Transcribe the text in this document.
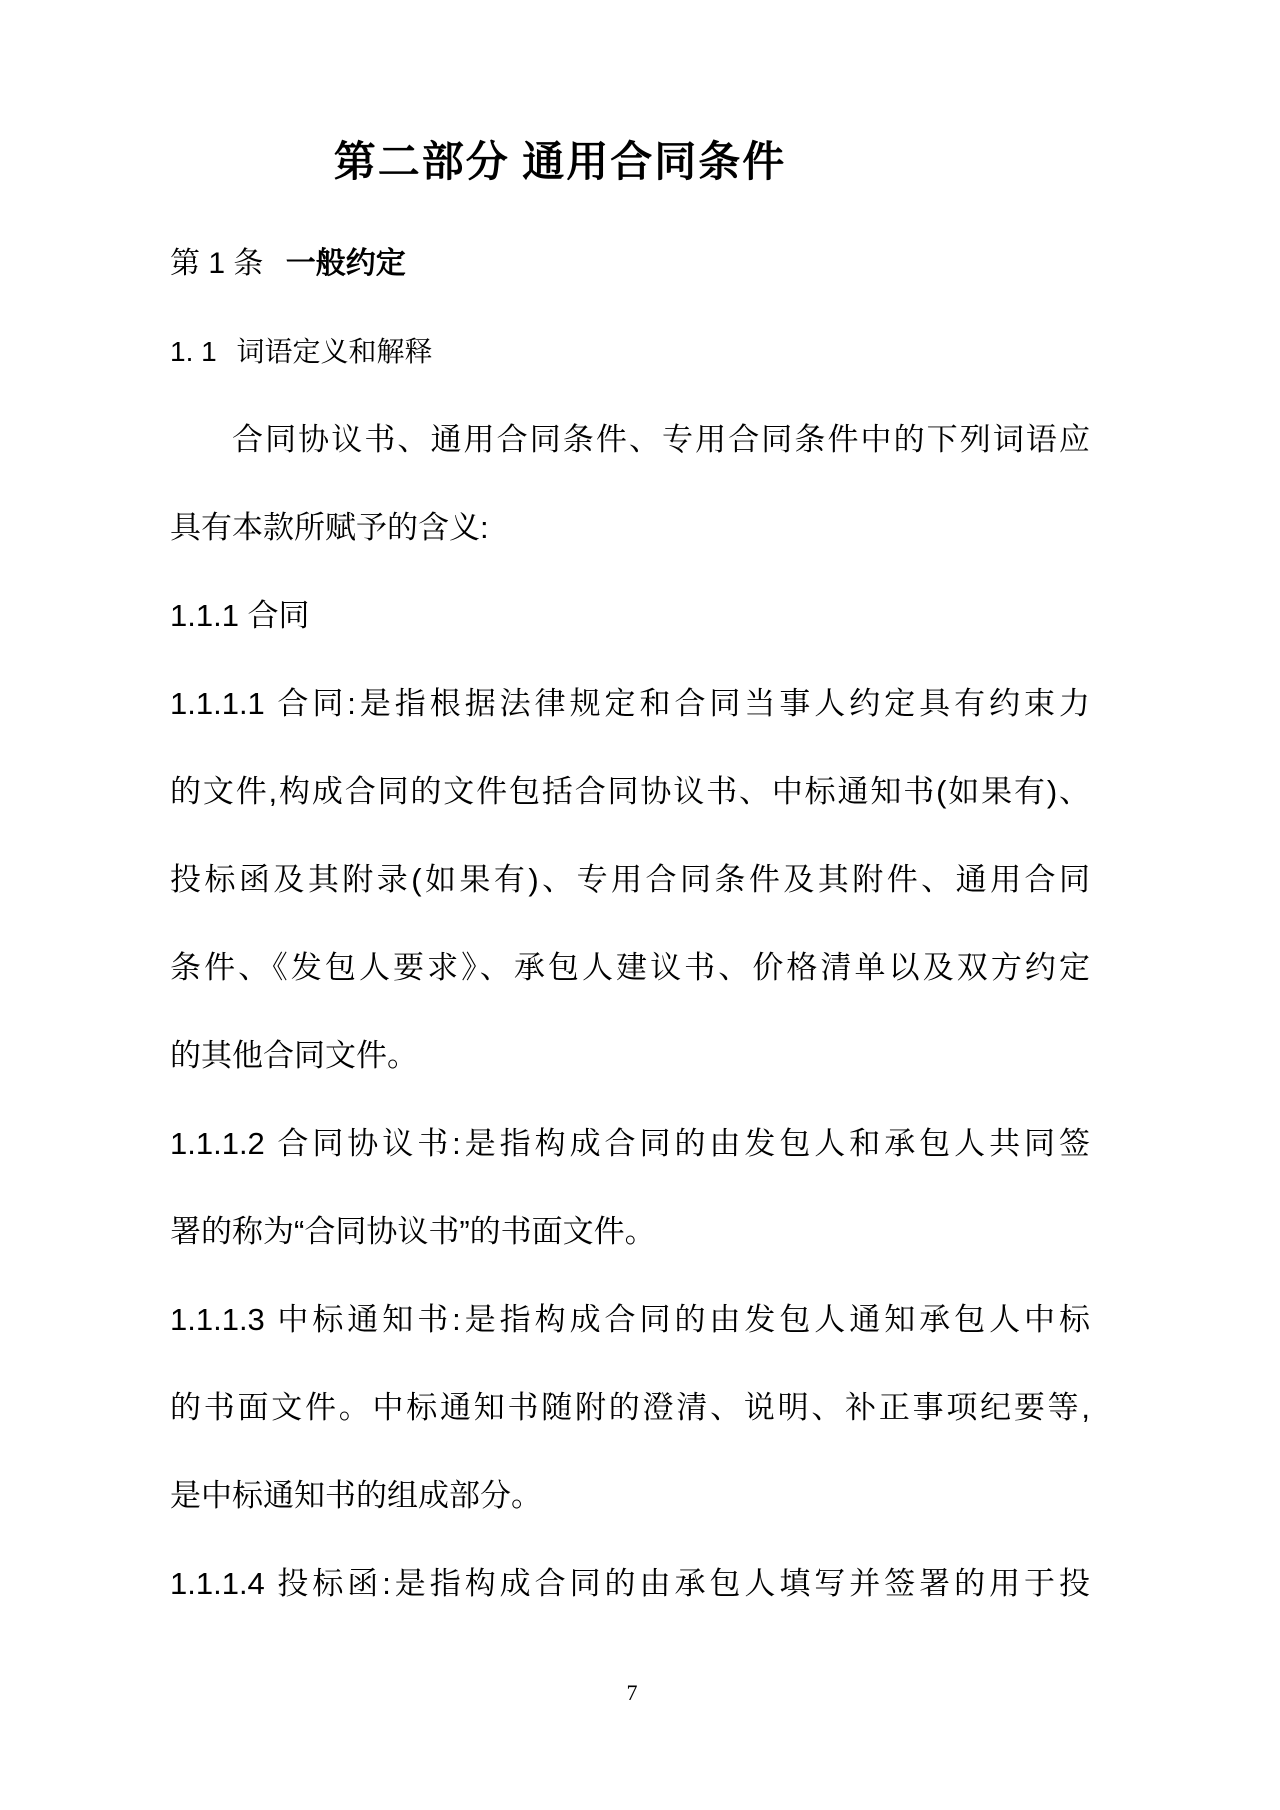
第二部分 通用合同条件
第 1 条 一般约定
1. 1 词语定义和解释
合同协议书、通用合同条件、专用合同条件中的下列词语应
具有本款所赋予的含义:
1.1.1 合同
1.1.1.1 合同:是指根据法律规定和合同当事人约定具有约束力
的文件,构成合同的文件包括合同协议书、中标通知书(如果有)、
投标函及其附录(如果有)、专用合同条件及其附件、通用合同
条件、《发包人要求》、承包人建议书、价格清单以及双方约定
的其他合同文件。
1.1.1.2 合同协议书:是指构成合同的由发包人和承包人共同签
署的称为“合同协议书”的书面文件。
1.1.1.3 中标通知书:是指构成合同的由发包人通知承包人中标
的书面文件。中标通知书随附的澄清、说明、补正事项纪要等,
是中标通知书的组成部分。
1.1.1.4 投标函:是指构成合同的由承包人填写并签署的用于投
7
